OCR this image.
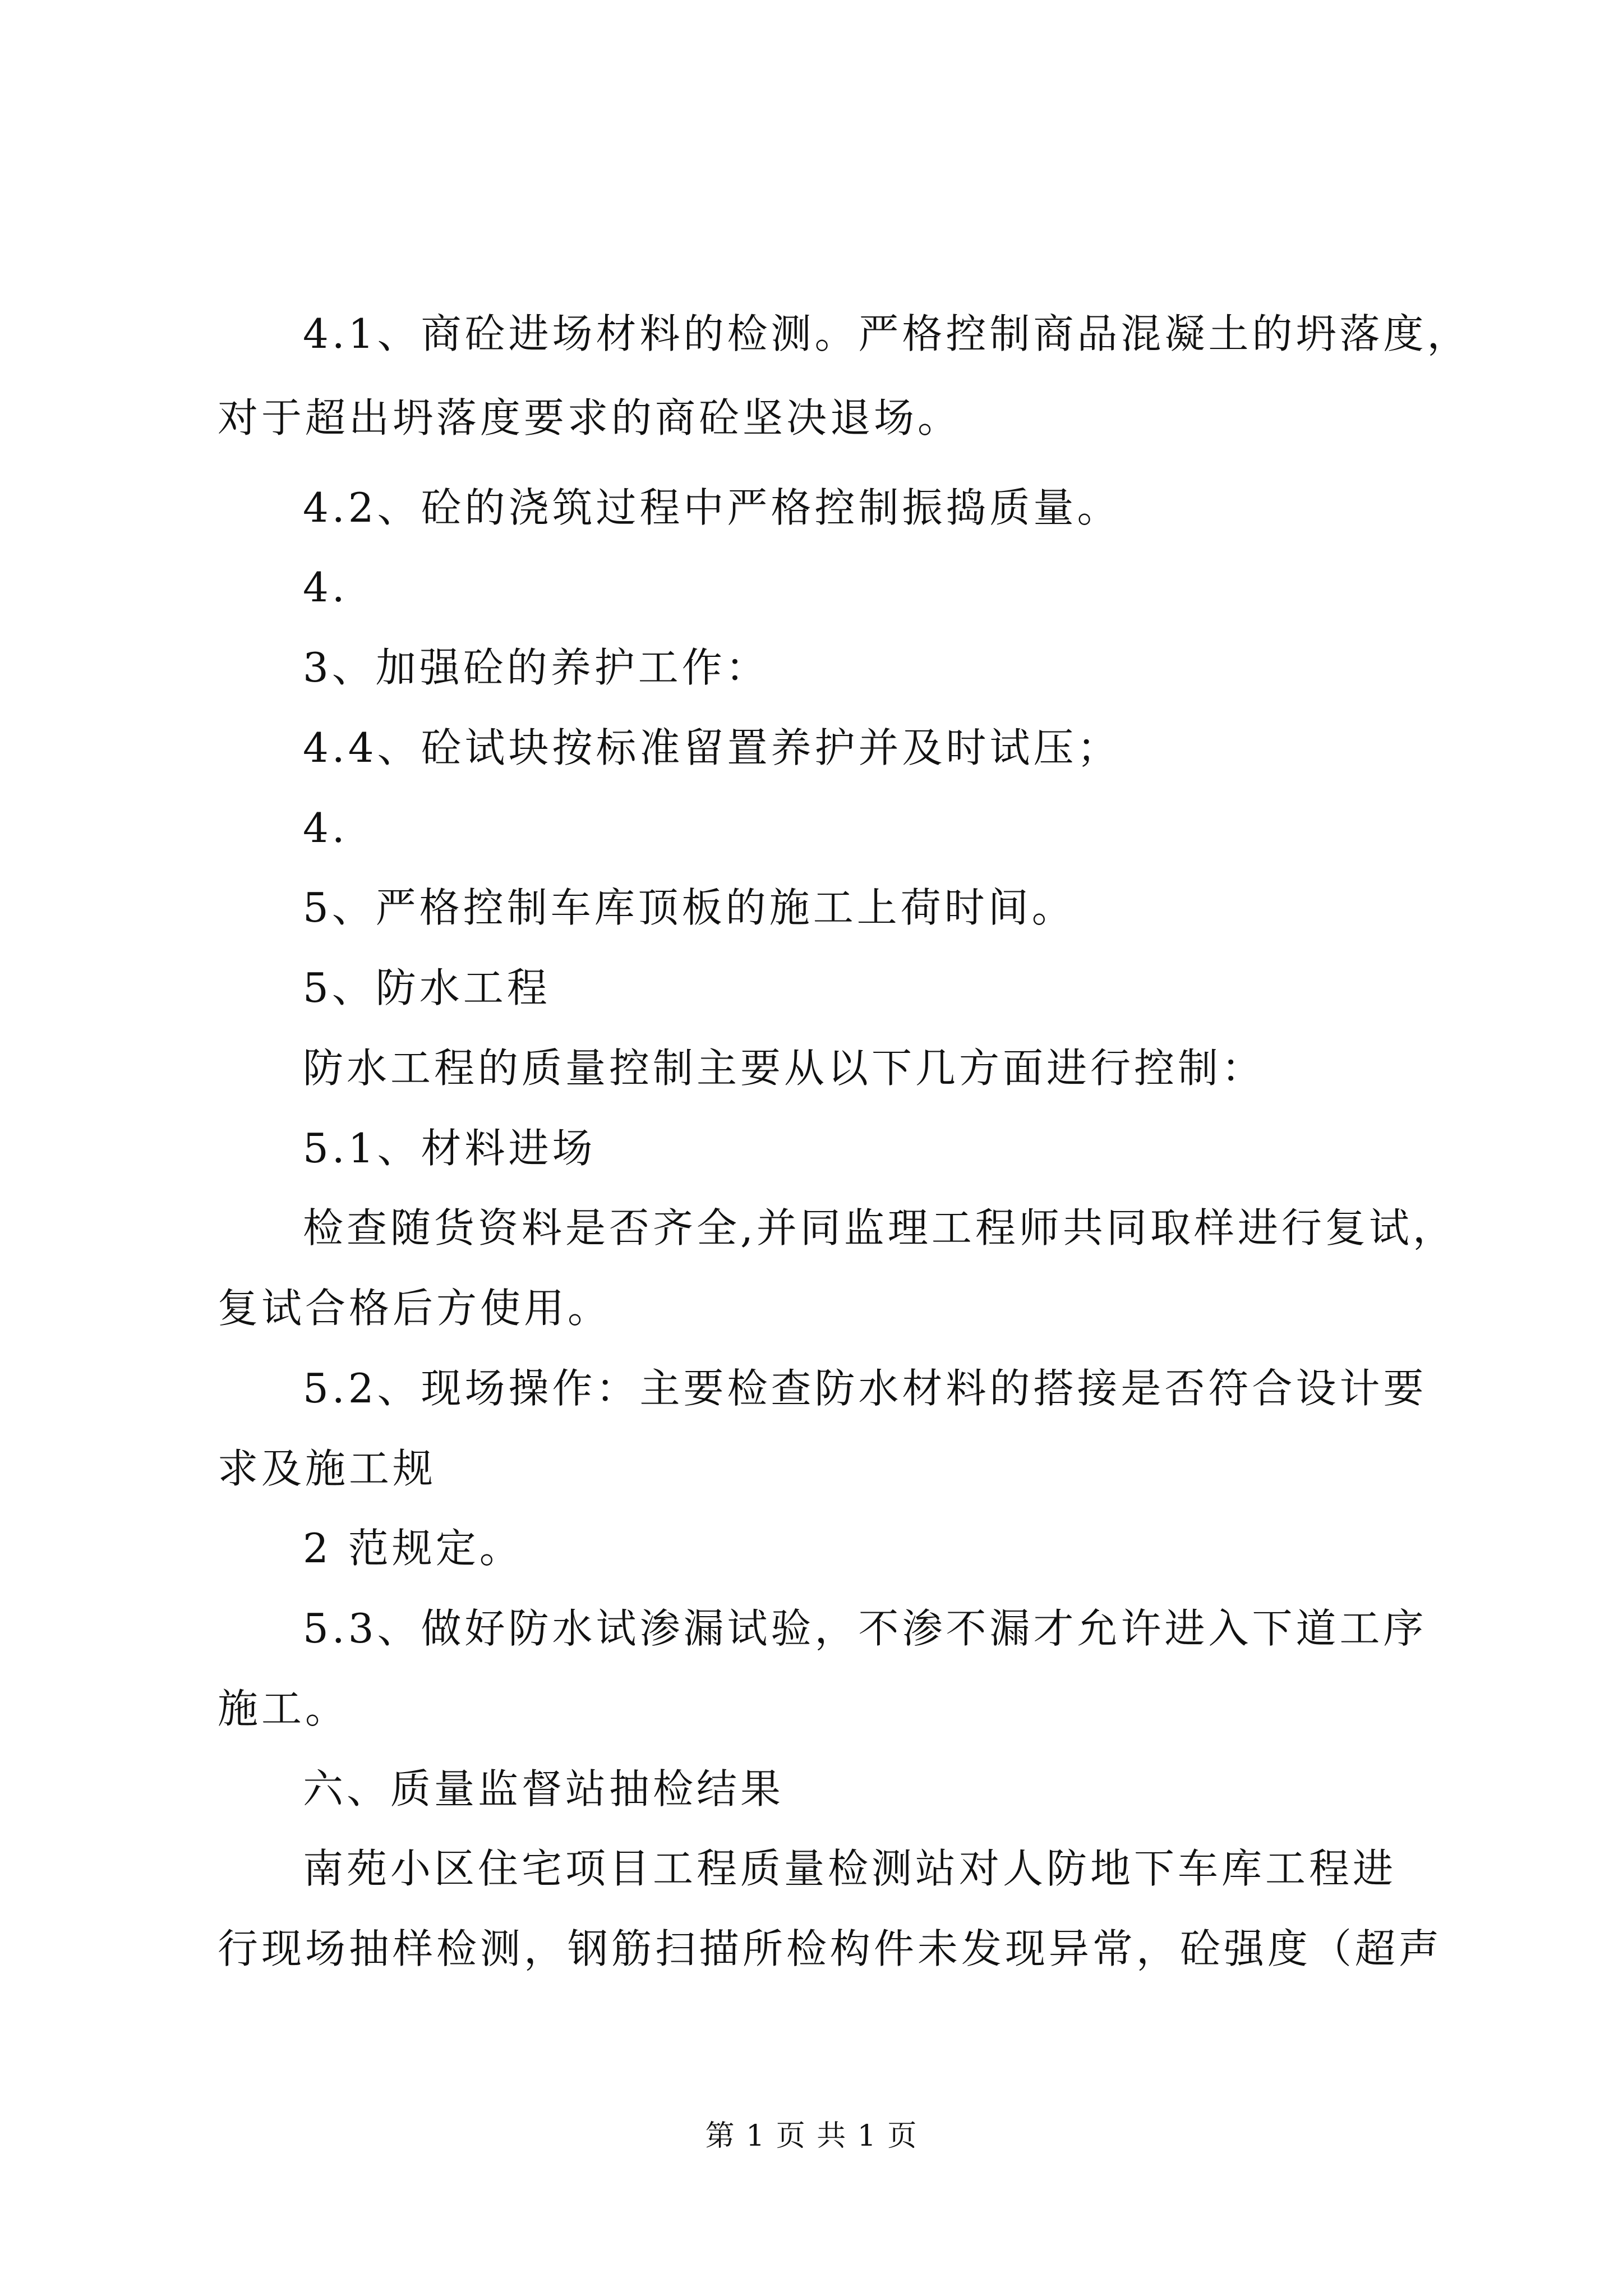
4.1、商砼进场材料的检测。严格控制商品混凝土的坍落度，
对于超出坍落度要求的商砼坚决退场。
4.2、砼的浇筑过程中严格控制振捣质量。
4.
3、加强砼的养护工作：
4.4、砼试块按标准留置养护并及时试压；
4.
5、严格控制车库顶板的施工上荷时间。
5、防水工程
防水工程的质量控制主要从以下几方面进行控制：
5.1、材料进场
检查随货资料是否齐全,并同监理工程师共同取样进行复试，
复试合格后方使用。
5.2、现场操作：主要检查防水材料的搭接是否符合设计要
求及施工规
2 范规定。
5.3、做好防水试渗漏试验，不渗不漏才允许进入下道工序
施工。
六、质量监督站抽检结果
南苑小区住宅项目工程质量检测站对人防地下车库工程进
行现场抽样检测，钢筋扫描所检构件未发现异常，砼强度（超声
第 1 页 共 1 页
